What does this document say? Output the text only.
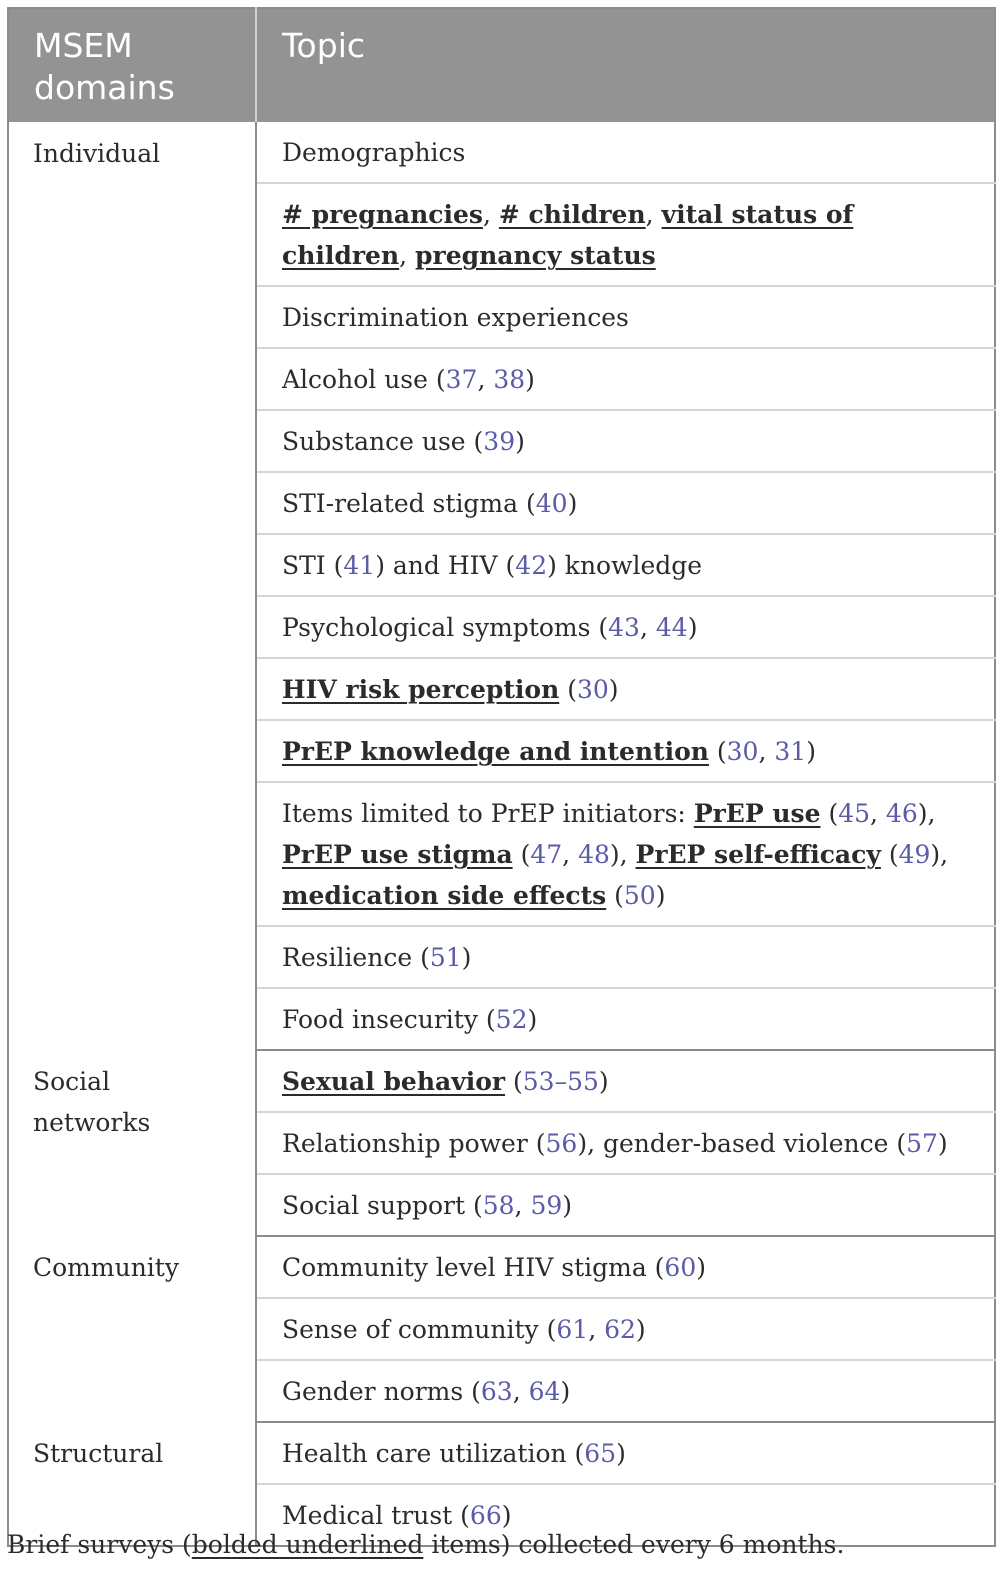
MSEM domains	Topic
Individual	Demographics
	# pregnancies, # children, vital status of children, pregnancy status
	Discrimination experiences
	Alcohol use (37, 38)
	Substance use (39)
	STI-related stigma (40)
	STI (41) and HIV (42) knowledge
	Psychological symptoms (43, 44)
	HIV risk perception (30)
	PrEP knowledge and intention (30, 31)
	Items limited to PrEP initiators: PrEP use (45, 46), PrEP use stigma (47, 48), PrEP self-efficacy (49), medication side effects (50)
	Resilience (51)
	Food insecurity (52)
Social networks	Sexual behavior (53–55)
	Relationship power (56), gender-based violence (57)
	Social support (58, 59)
Community	Community level HIV stigma (60)
	Sense of community (61, 62)
	Gender norms (63, 64)
Structural	Health care utilization (65)
	Medical trust (66)
Brief surveys (bolded underlined items) collected every 6 months.
